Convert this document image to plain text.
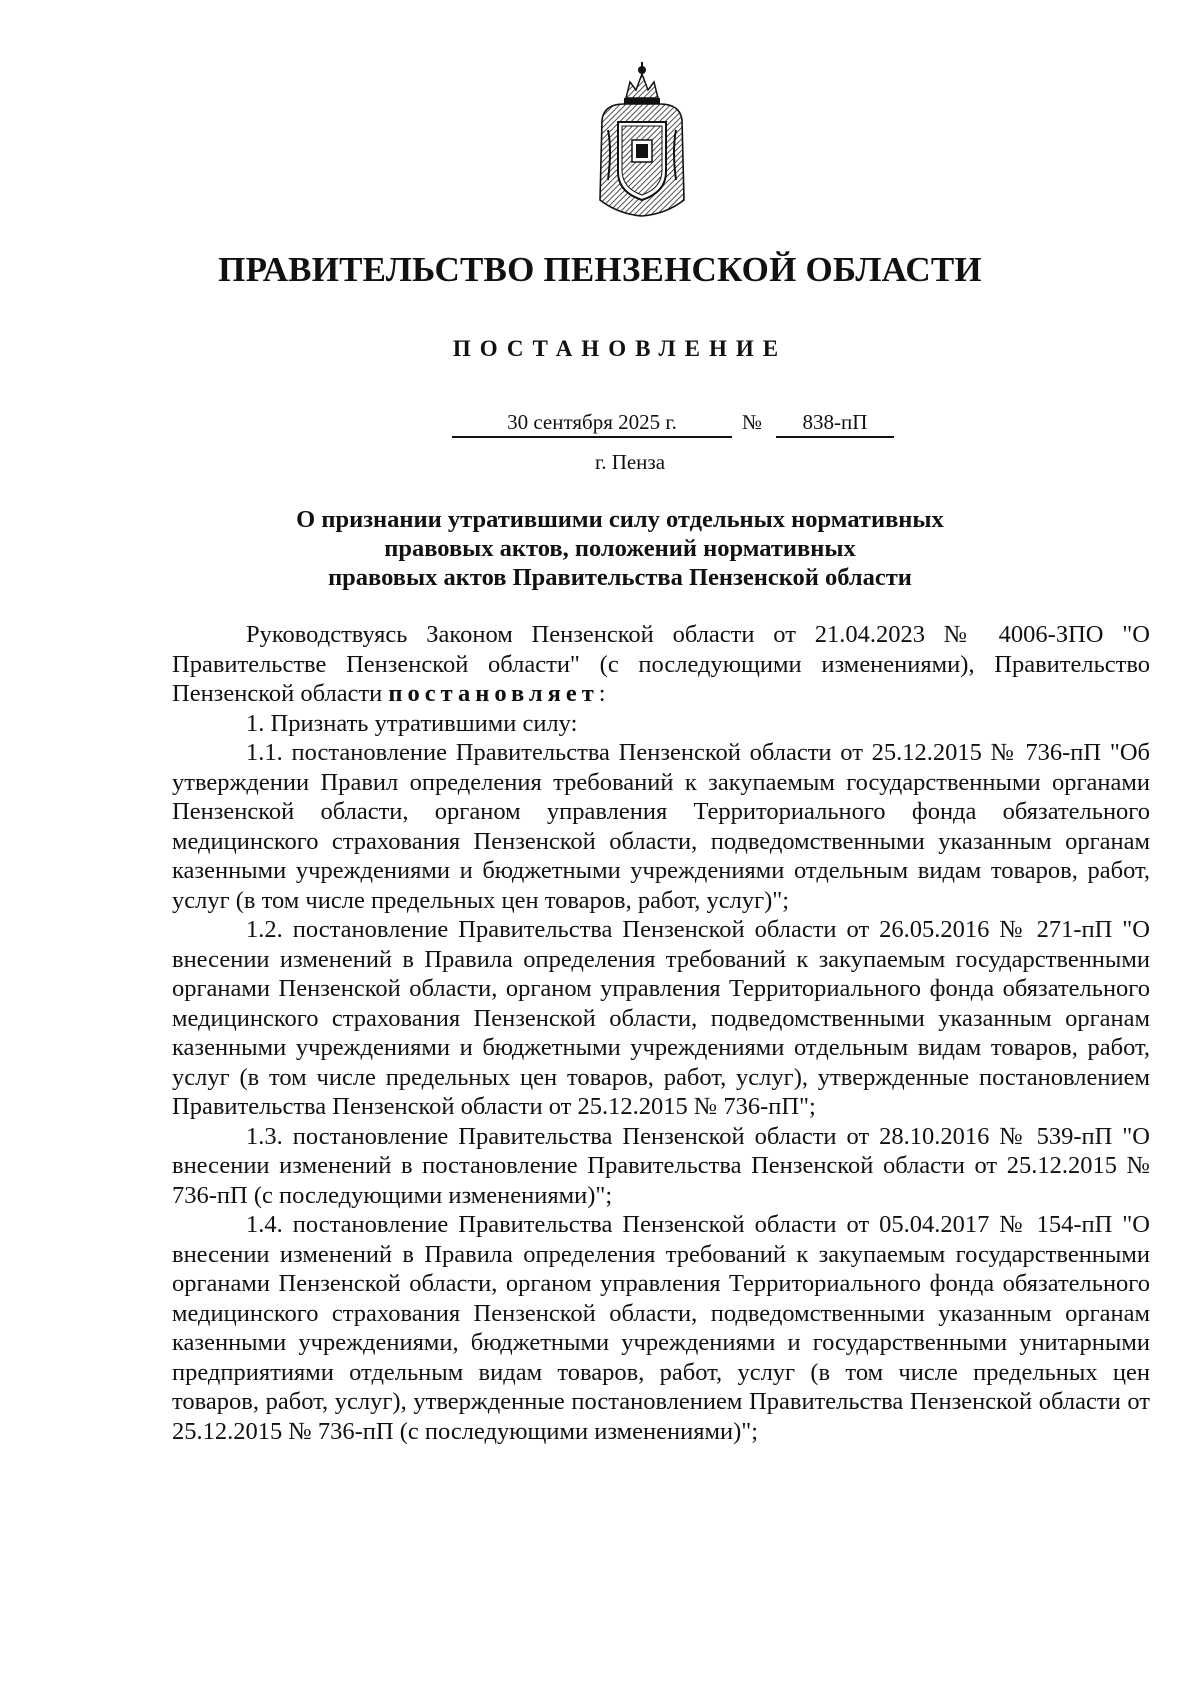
ПРАВИТЕЛЬСТВО ПЕНЗЕНСКОЙ ОБЛАСТИ
ПОСТАНОВЛЕНИЕ
30 сентября 2025 г.	№	838-пП
г. Пенза
О признании утратившими силу отдельных нормативных
правовых актов, положений нормативных
правовых актов Правительства Пензенской области

Руководствуясь Законом Пензенской области от 21.04.2023 № 4006-ЗПО "О Правительстве Пензенской области" (с последующими изменениями), Правительство Пензенской области постановляет:

1. Признать утратившими силу:

1.1. постановление Правительства Пензенской области от 25.12.2015 № 736-пП "Об утверждении Правил определения требований к закупаемым государственными органами Пензенской области, органом управления Территориального фонда обязательного медицинского страхования Пензенской области, подведомственными указанным органам казенными учреждениями и бюджетными учреждениями отдельным видам товаров, работ, услуг (в том числе предельных цен товаров, работ, услуг)";

1.2. постановление Правительства Пензенской области от 26.05.2016 № 271-пП "О внесении изменений в Правила определения требований к закупаемым государственными органами Пензенской области, органом управления Территориального фонда обязательного медицинского страхования Пензенской области, подведомственными указанным органам казенными учреждениями и бюджетными учреждениями отдельным видам товаров, работ, услуг (в том числе предельных цен товаров, работ, услуг), утвержденные постановлением Правительства Пензенской области от 25.12.2015 № 736-пП";

1.3. постановление Правительства Пензенской области от 28.10.2016 № 539-пП "О внесении изменений в постановление Правительства Пензенской области от 25.12.2015 № 736-пП (с последующими изменениями)";

1.4. постановление Правительства Пензенской области от 05.04.2017 № 154-пП "О внесении изменений в Правила определения требований к закупаемым государственными органами Пензенской области, органом управления Территориального фонда обязательного медицинского страхования Пензенской области, подведомственными указанным органам казенными учреждениями, бюджетными учреждениями и государственными унитарными предприятиями отдельным видам товаров, работ, услуг (в том числе предельных цен товаров, работ, услуг), утвержденные постановлением Правительства Пензенской области от 25.12.2015 № 736-пП (с последующими изменениями)";
